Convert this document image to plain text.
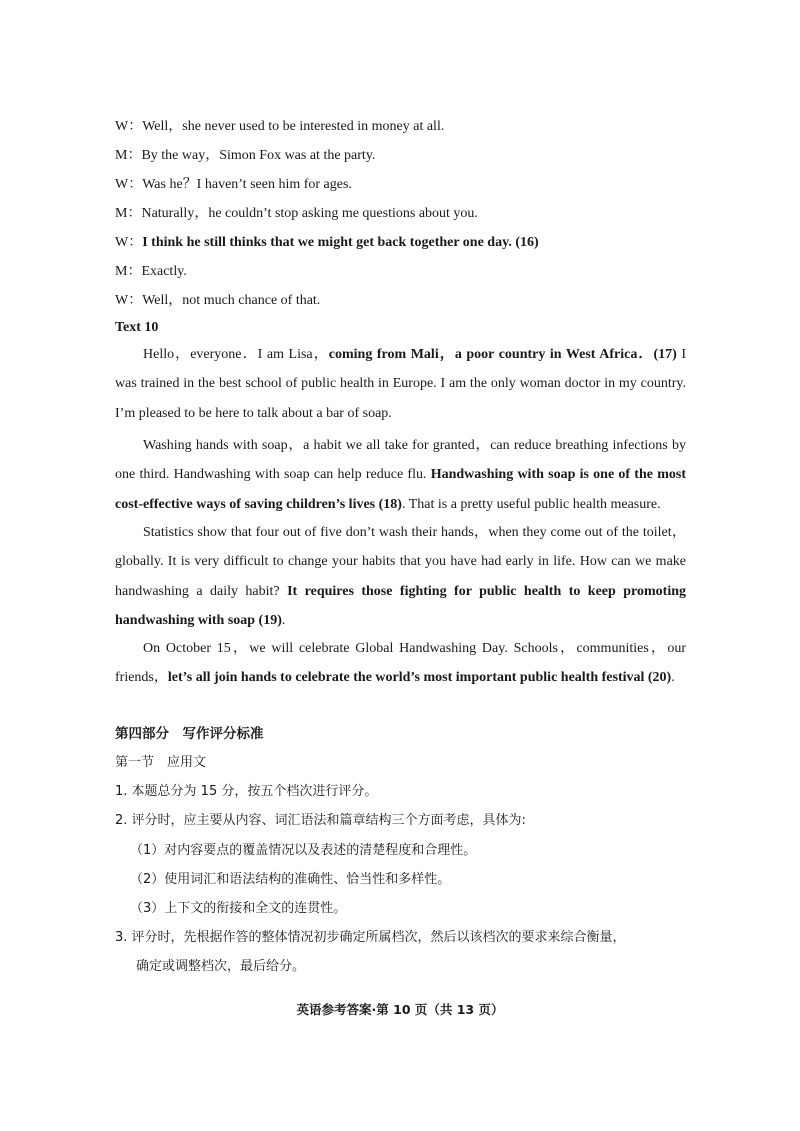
W：Well，she never used to be interested in money at all.
M：By the way，Simon Fox was at the party.
W：Was he？I haven’t seen him for ages.
M：Naturally，he couldn’t stop asking me questions about you.
W：I think he still thinks that we might get back together one day. (16)
M：Exactly.
W：Well，not much chance of that.
Text 10

Hello，everyone．I am Lisa，coming from Mali，a poor country in West Africa．(17) I was trained in the best school of public health in Europe. I am the only woman doctor in my country. I’m pleased to be here to talk about a bar of soap.

Washing hands with soap，a habit we all take for granted，can reduce breathing infections by one third. Handwashing with soap can help reduce flu. Handwashing with soap is one of the most cost-effective ways of saving children’s lives (18). That is a pretty useful public health measure.

Statistics show that four out of five don’t wash their hands，when they come out of the toilet，globally. It is very difficult to change your habits that you have had early in life. How can we make handwashing a daily habit? It requires those fighting for public health to keep promoting handwashing with soap (19).

On October 15，we will celebrate Global Handwashing Day. Schools，communities，our friends，let’s all join hands to celebrate the world’s most important public health festival (20).

第四部分　写作评分标准
第一节　应用文
1. 本题总分为 15 分，按五个档次进行评分。
2. 评分时，应主要从内容、词汇语法和篇章结构三个方面考虑，具体为:
（1）对内容要点的覆盖情况以及表述的清楚程度和合理性。
（2）使用词汇和语法结构的准确性、恰当性和多样性。
（3）上下文的衔接和全文的连贯性。
3. 评分时，先根据作答的整体情况初步确定所属档次，然后以该档次的要求来综合衡量，
确定或调整档次，最后给分。
英语参考答案·第 10 页（共 13 页）
